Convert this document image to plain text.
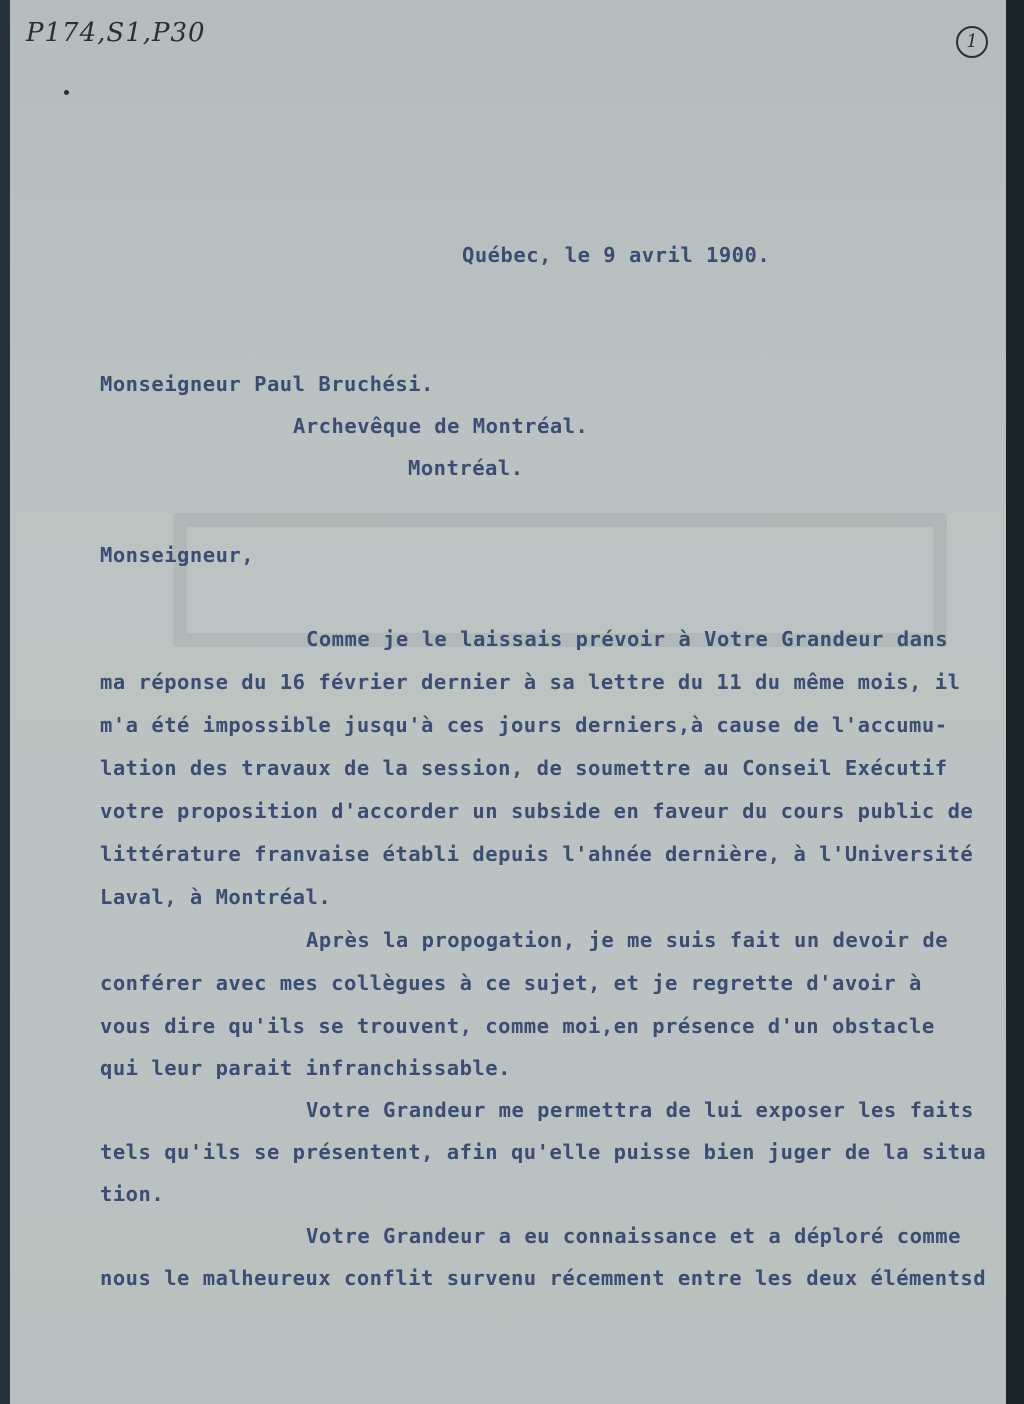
P174,S1,P30	1
Québec, le 9 avril 1900.
Monseigneur Paul Bruchési.
Archevêque de Montréal.
Montréal.
Monseigneur,
Comme je le laissais prévoir à Votre Grandeur dans
ma réponse du 16 février dernier à sa lettre du 11 du même mois, il
m'a été impossible jusqu'à ces jours derniers,à cause de l'accumu-
lation des travaux de la session, de soumettre au Conseil Exécutif
votre proposition d'accorder un subside en faveur du cours public de
littérature franvaise établi depuis l'ahnée dernière, à l'Université
Laval, à Montréal.
Après la propogation, je me suis fait un devoir de
conférer avec mes collègues à ce sujet, et je regrette d'avoir à
vous dire qu'ils se trouvent, comme moi,en présence d'un obstacle
qui leur parait infranchissable.
Votre Grandeur me permettra de lui exposer les faits
tels qu'ils se présentent, afin qu'elle puisse bien juger de la situa
tion.
Votre Grandeur a eu connaissance et a déploré comme
nous le malheureux conflit survenu récemment entre les deux élémentsd
